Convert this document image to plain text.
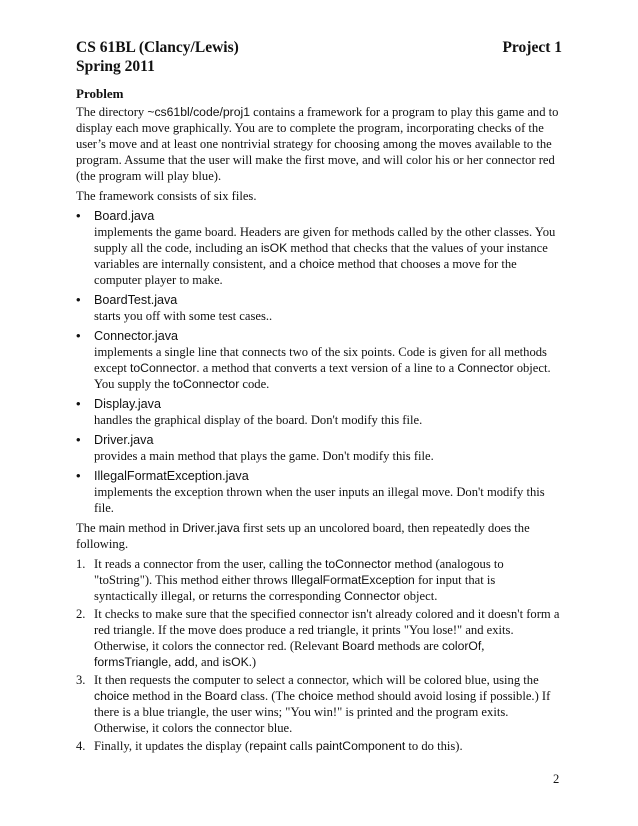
CS 61BL (Clancy/Lewis)	Project 1
Spring 2011
Problem

The directory ~cs61bl/code/proj1 contains a framework for a program to play this game and to display each move graphically. You are to complete the program, incorporating checks of the user’s move and at least one nontrivial strategy for choosing among the moves available to the program. Assume that the user will make the first move, and will color his or her connector red (the program will play blue).

The framework consists of six files.

• Board.java
implements the game board. Headers are given for methods called by the other classes. You supply all the code, including an isOK method that checks that the values of your instance variables are internally consistent, and a choice method that chooses a move for the computer player to make.
• BoardTest.java
starts you off with some test cases..
• Connector.java
implements a single line that connects two of the six points. Code is given for all methods except toConnector. a method that converts a text version of a line to a Connector object. You supply the toConnector code.
• Display.java
handles the graphical display of the board. Don't modify this file.
• Driver.java
provides a main method that plays the game. Don't modify this file.
• IllegalFormatException.java
implements the exception thrown when the user inputs an illegal move. Don't modify this file.

The main method in Driver.java first sets up an uncolored board, then repeatedly does the following.

1. It reads a connector from the user, calling the toConnector method (analogous to "toString"). This method either throws IllegalFormatException for input that is syntactically illegal, or returns the corresponding Connector object.
2. It checks to make sure that the specified connector isn't already colored and it doesn't form a red triangle. If the move does produce a red triangle, it prints "You lose!" and exits. Otherwise, it colors the connector red. (Relevant Board methods are colorOf, formsTriangle, add, and isOK.)
3. It then requests the computer to select a connector, which will be colored blue, using the choice method in the Board class. (The choice method should avoid losing if possible.) If there is a blue triangle, the user wins; "You win!" is printed and the program exits. Otherwise, it colors the connector blue.
4. Finally, it updates the display (repaint calls paintComponent to do this).
2
